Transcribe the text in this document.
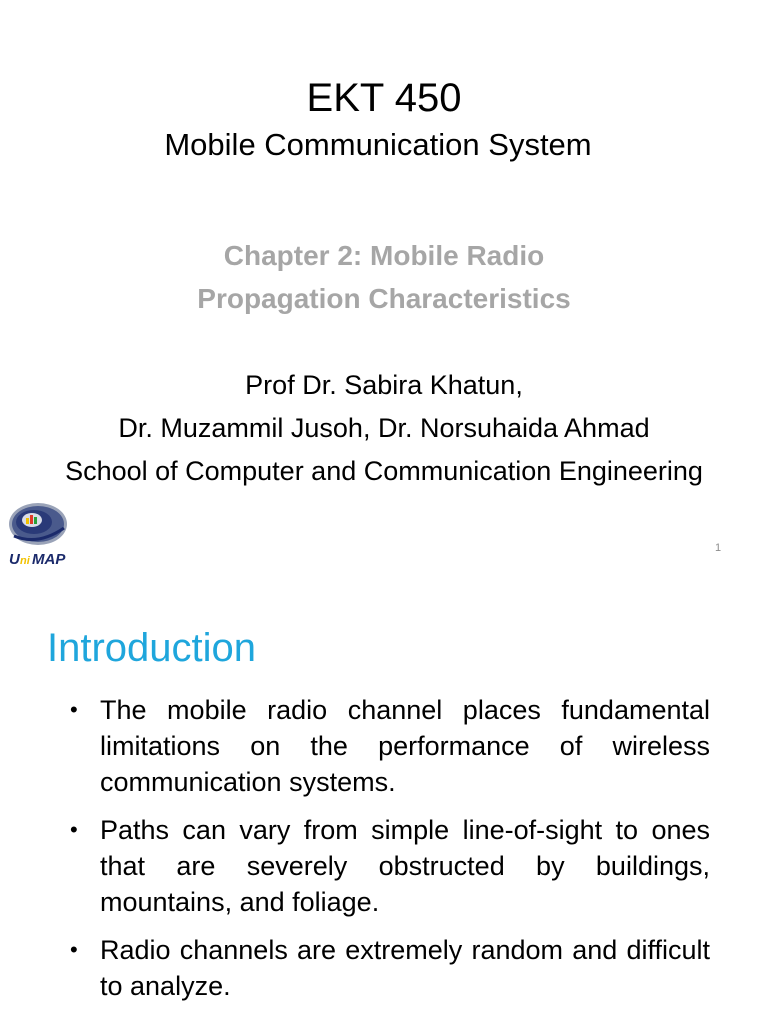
EKT 450
Mobile Communication System
Chapter 2: Mobile Radio
Propagation Characteristics
Prof Dr. Sabira Khatun,
Dr. Muzammil Jusoh, Dr. Norsuhaida Ahmad
School of Computer and Communication Engineering
U ni MAP
1
Introduction
• The mobile radio channel places fundamental limitations on the performance of wireless communication systems.
• Paths can vary from simple line-of-sight to ones that are severely obstructed by buildings, mountains, and foliage.
• Radio channels are extremely random and difficult to analyze.
